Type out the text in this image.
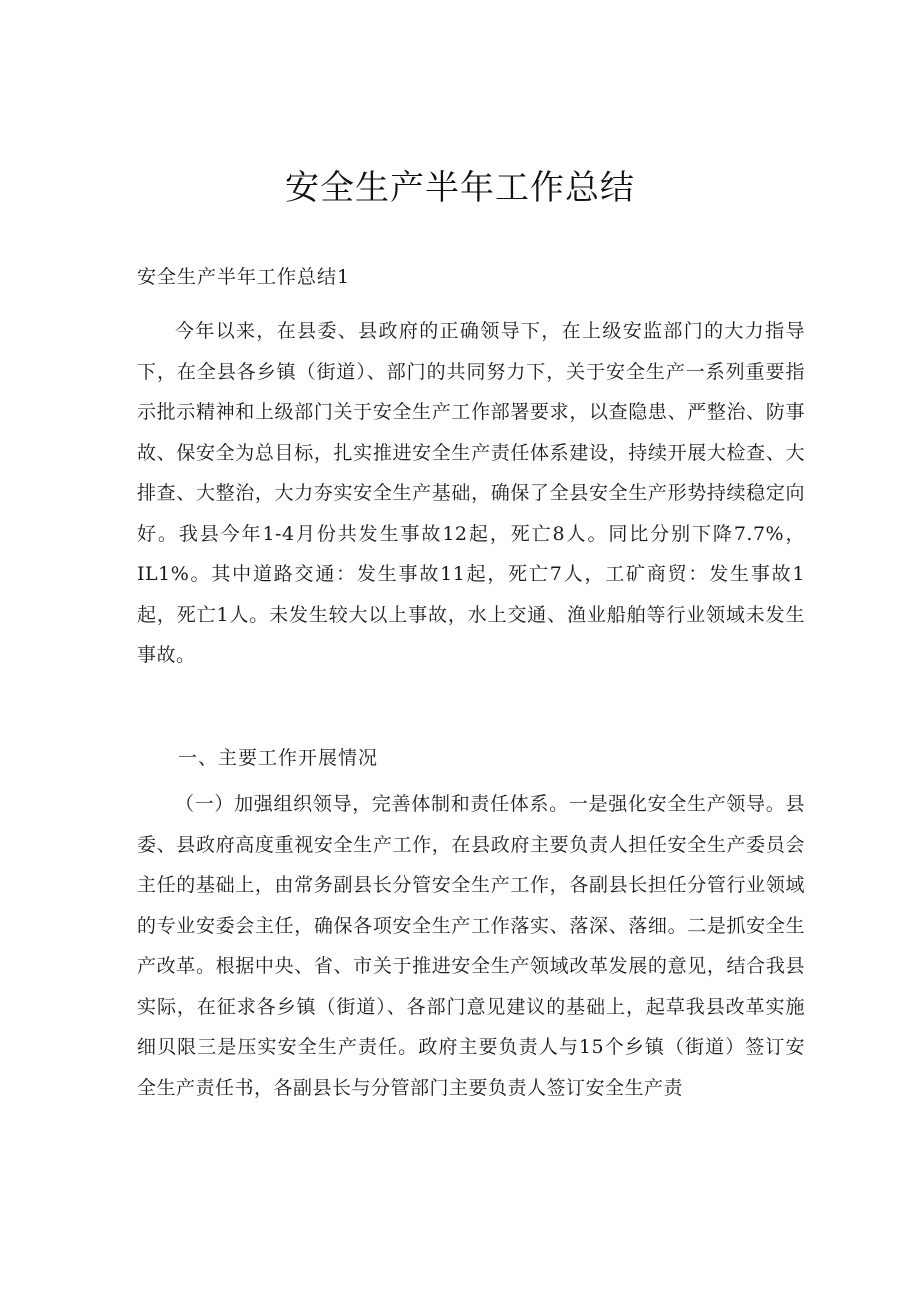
安全生产半年工作总结

安全生产半年工作总结1

今年以来，在县委、县政府的正确领导下，在上级安监部门的大力指导下，在全县各乡镇（街道）、部门的共同努力下，关于安全生产一系列重要指示批示精神和上级部门关于安全生产工作部署要求，以查隐患、严整治、防事故、保安全为总目标，扎实推进安全生产责任体系建设，持续开展大检查、大排查、大整治，大力夯实安全生产基础，确保了全县安全生产形势持续稳定向好。我县今年1-4月份共发生事故12起，死亡8人。同比分别下降7.7%，IL1%。其中道路交通：发生事故11起，死亡7人，工矿商贸：发生事故1起，死亡1人。未发生较大以上事故，水上交通、渔业船舶等行业领域未发生事故。

一、主要工作开展情况

（一）加强组织领导，完善体制和责任体系。一是强化安全生产领导。县委、县政府高度重视安全生产工作，在县政府主要负责人担任安全生产委员会主任的基础上，由常务副县长分管安全生产工作，各副县长担任分管行业领域的专业安委会主任，确保各项安全生产工作落实、落深、落细。二是抓安全生产改革。根据中央、省、市关于推进安全生产领域改革发展的意见，结合我县实际，在征求各乡镇（街道）、各部门意见建议的基础上，起草我县改革实施细贝限三是压实安全生产责任。政府主要负责人与15个乡镇（街道）签订安全生产责任书，各副县长与分管部门主要负责人签订安全生产责
